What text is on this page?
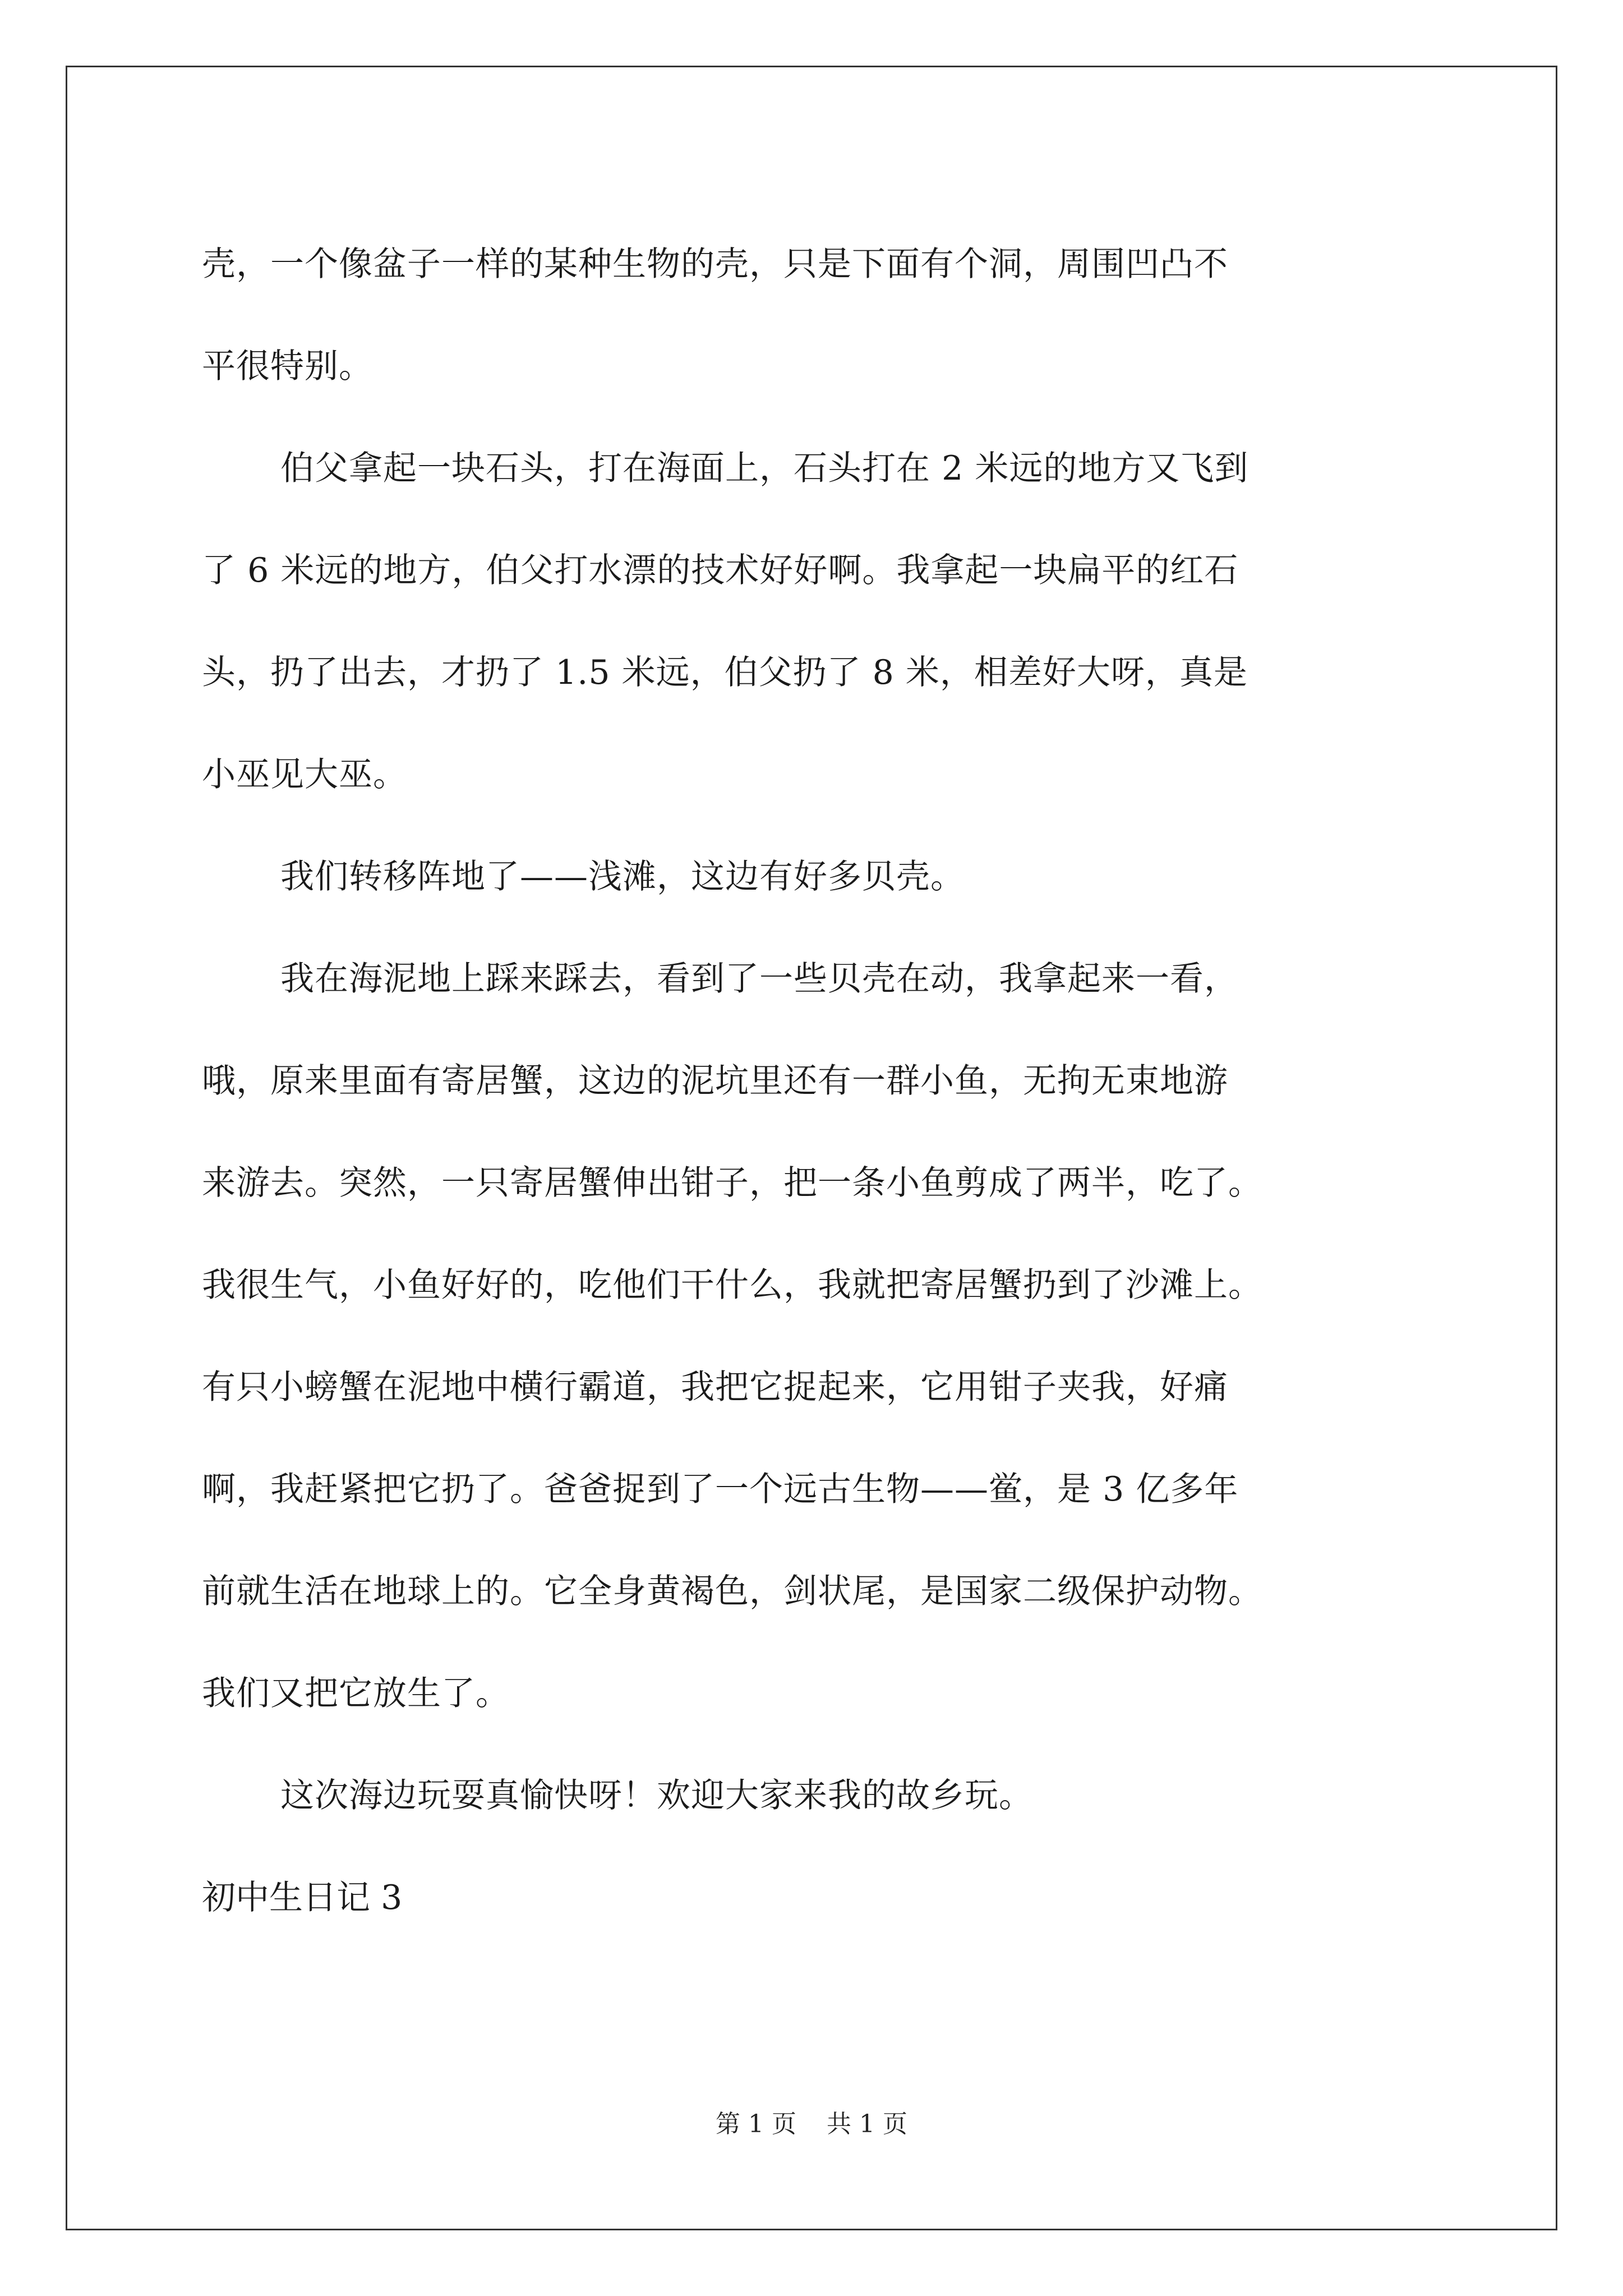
壳，一个像盆子一样的某种生物的壳，只是下面有个洞，周围凹凸不
平很特别。
伯父拿起一块石头，打在海面上，石头打在 2 米远的地方又飞到
了 6 米远的地方，伯父打水漂的技术好好啊。我拿起一块扁平的红石
头，扔了出去，才扔了 1.5 米远，伯父扔了 8 米，相差好大呀，真是
小巫见大巫。
我们转移阵地了——浅滩，这边有好多贝壳。
我在海泥地上踩来踩去，看到了一些贝壳在动，我拿起来一看，
哦，原来里面有寄居蟹，这边的泥坑里还有一群小鱼，无拘无束地游
来游去。突然，一只寄居蟹伸出钳子，把一条小鱼剪成了两半，吃了。
我很生气，小鱼好好的，吃他们干什么，我就把寄居蟹扔到了沙滩上。
有只小螃蟹在泥地中横行霸道，我把它捉起来，它用钳子夹我，好痛
啊，我赶紧把它扔了。爸爸捉到了一个远古生物——鲎，是 3 亿多年
前就生活在地球上的。它全身黄褐色，剑状尾，是国家二级保护动物。
我们又把它放生了。
这次海边玩耍真愉快呀！欢迎大家来我的故乡玩。
初中生日记 3
第 1 页 共 1 页
